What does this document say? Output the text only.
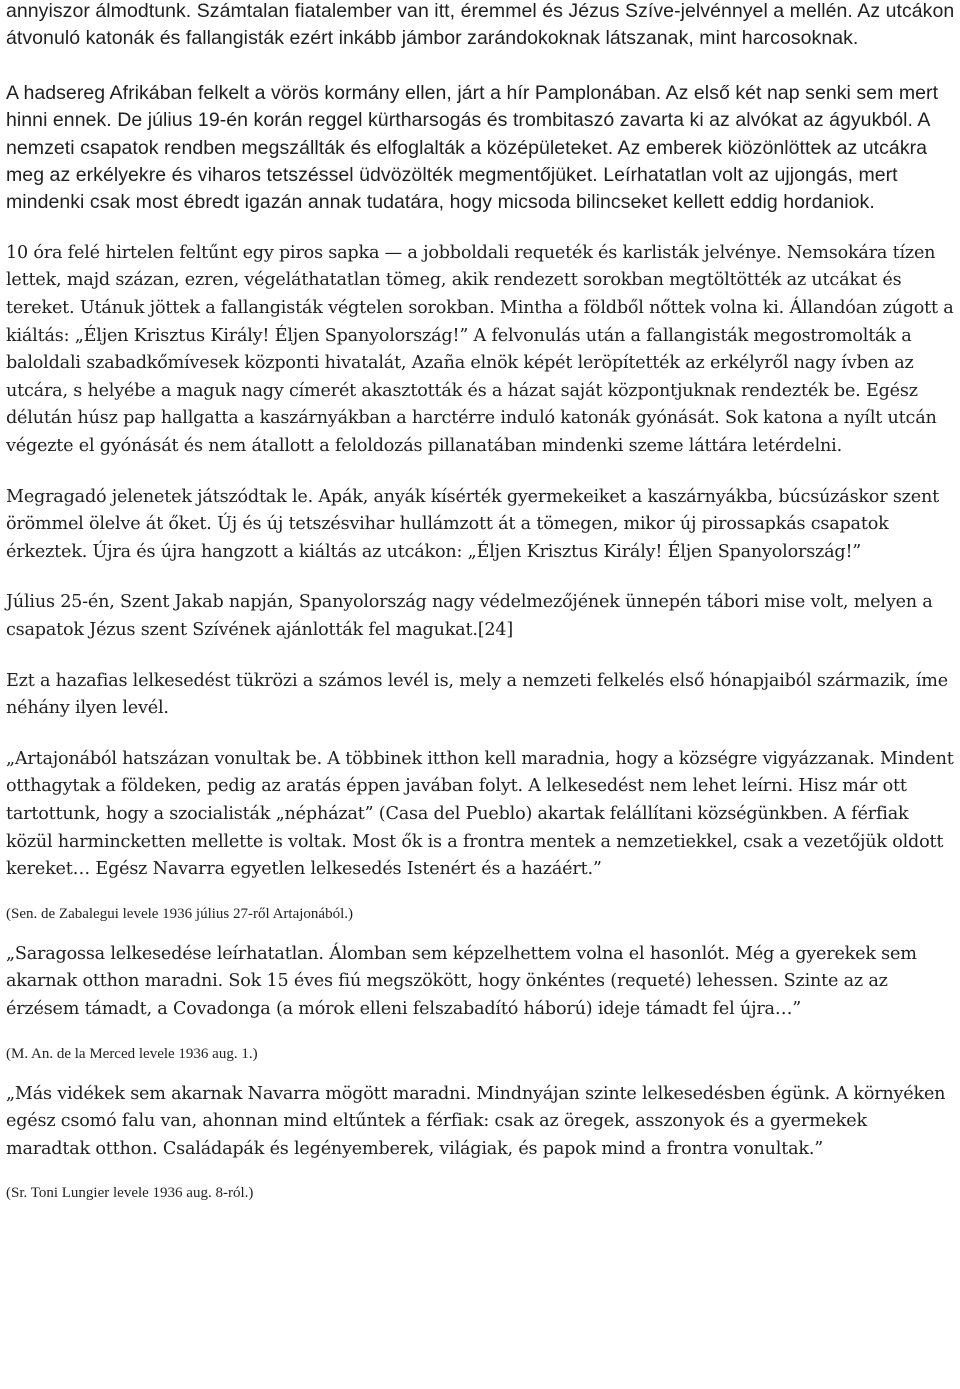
annyiszor álmodtunk. Számtalan fiatalember van itt, éremmel és Jézus Szíve-jelvénnyel a mellén. Az utcákon átvonuló katonák és fallangisták ezért inkább jámbor zarándokoknak látszanak, mint harcosoknak.

A hadsereg Afrikában felkelt a vörös kormány ellen, járt a hír Pamplonában. Az első két nap senki sem mert hinni ennek. De július 19-én korán reggel kürtharsogás és trombitaszó zavarta ki az alvókat az ágyukból. A nemzeti csapatok rendben megszállták és elfoglalták a középületeket. Az emberek kiözönlöttek az utcákra meg az erkélyekre és viharos tetszéssel üdvözölték megmentőjüket. Leírhatatlan volt az ujjongás, mert mindenki csak most ébredt igazán annak tudatára, hogy micsoda bilincseket kellett eddig hordaniok.

10 óra felé hirtelen feltűnt egy piros sapka — a jobboldali requeték és karlisták jelvénye. Nemsokára tízen lettek, majd százan, ezren, végeláthatatlan tömeg, akik rendezett sorokban megtöltötték az utcákat és tereket. Utánuk jöttek a fallangisták végtelen sorokban. Mintha a földből nőttek volna ki. Állandóan zúgott a kiáltás: „Éljen Krisztus Király! Éljen Spanyolország!” A felvonulás után a fallangisták megostromolták a baloldali szabadkőmívesek központi hivatalát, Azaña elnök képét leröpítették az erkélyről nagy ívben az utcára, s helyébe a maguk nagy címerét akasztották és a házat saját központjuknak rendezték be. Egész délután húsz pap hallgatta a kaszárnyákban a harctérre induló katonák gyónását. Sok katona a nyílt utcán végezte el gyónását és nem átallott a feloldozás pillanatában mindenki szeme láttára letérdelni.

Megragadó jelenetek játszódtak le. Apák, anyák kísérték gyermekeiket a kaszárnyákba, búcsúzáskor szent örömmel ölelve át őket. Új és új tetszésvihar hullámzott át a tömegen, mikor új pirossapkás csapatok érkeztek. Újra és újra hangzott a kiáltás az utcákon: „Éljen Krisztus Király! Éljen Spanyolország!”

Július 25-én, Szent Jakab napján, Spanyolország nagy védelmezőjének ünnepén tábori mise volt, melyen a csapatok Jézus szent Szívének ajánlották fel magukat.[24]

Ezt a hazafias lelkesedést tükrözi a számos levél is, mely a nemzeti felkelés első hónapjaiból származik, íme néhány ilyen levél.

„Artajonából hatszázan vonultak be. A többinek itthon kell maradnia, hogy a községre vigyázzanak. Mindent otthagytak a földeken, pedig az aratás éppen javában folyt. A lelkesedést nem lehet leírni. Hisz már ott tartottunk, hogy a szocialisták „népházat” (Casa del Pueblo) akartak felállítani községünkben. A férfiak közül harmincketten mellette is voltak. Most ők is a frontra mentek a nemzetiekkel, csak a vezetőjük oldott kereket… Egész Navarra egyetlen lelkesedés Istenért és a hazáért.”

(Sen. de Zabalegui levele 1936 július 27-ről Artajonából.)

„Saragossa lelkesedése leírhatatlan. Álomban sem képzelhettem volna el hasonlót. Még a gyerekek sem akarnak otthon maradni. Sok 15 éves fiú megszökött, hogy önkéntes (requeté) lehessen. Szinte az az érzésem támadt, a Covadonga (a mórok elleni felszabadító háború) ideje támadt fel újra…”

(M. An. de la Merced levele 1936 aug. 1.)

„Más vidékek sem akarnak Navarra mögött maradni. Mindnyájan szinte lelkesedésben égünk. A környéken egész csomó falu van, ahonnan mind eltűntek a férfiak: csak az öregek, asszonyok és a gyermekek maradtak otthon. Családapák és legényemberek, világiak, és papok mind a frontra vonultak.”

(Sr. Toni Lungier levele 1936 aug. 8-ról.)
